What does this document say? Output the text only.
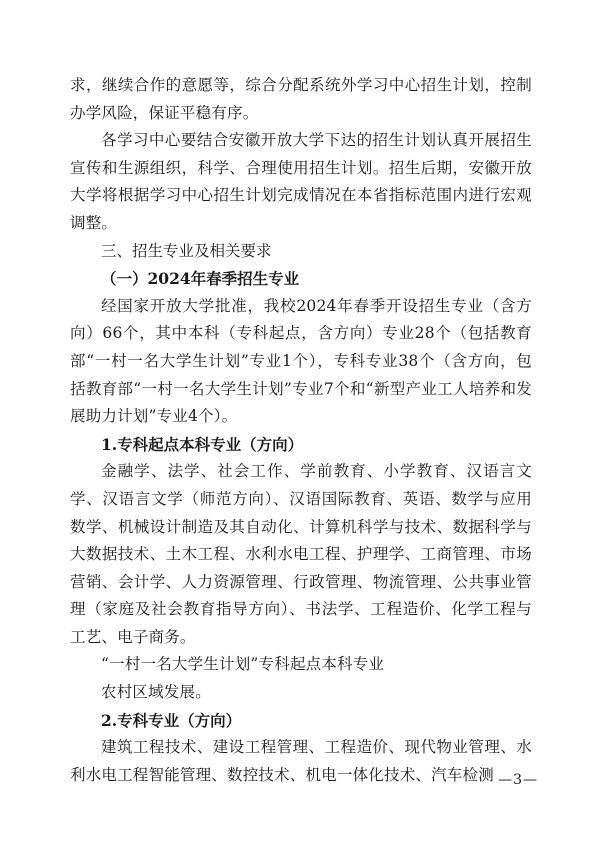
求，继续合作的意愿等，综合分配系统外学习中心招生计划，控制办学风险，保证平稳有序。

各学习中心要结合安徽开放大学下达的招生计划认真开展招生宣传和生源组织，科学、合理使用招生计划。招生后期，安徽开放大学将根据学习中心招生计划完成情况在本省指标范围内进行宏观调整。

三、招生专业及相关要求

（一）2024年春季招生专业

经国家开放大学批准，我校2024年春季开设招生专业（含方向）66个，其中本科（专科起点，含方向）专业28个（包括教育部“一村一名大学生计划”专业1个），专科专业38个（含方向，包括教育部“一村一名大学生计划”专业7个和“新型产业工人培养和发展助力计划”专业4个）。

1.专科起点本科专业（方向）

金融学、法学、社会工作、学前教育、小学教育、汉语言文学、汉语言文学（师范方向）、汉语国际教育、英语、数学与应用数学、机械设计制造及其自动化、计算机科学与技术、数据科学与大数据技术、土木工程、水利水电工程、护理学、工商管理、市场营销、会计学、人力资源管理、行政管理、物流管理、公共事业管理（家庭及社会教育指导方向）、书法学、工程造价、化学工程与工艺、电子商务。

“一村一名大学生计划”专科起点本科专业

农村区域发展。

2.专科专业（方向）

建筑工程技术、建设工程管理、工程造价、现代物业管理、水利水电工程智能管理、数控技术、机电一体化技术、汽车检测 —3—
